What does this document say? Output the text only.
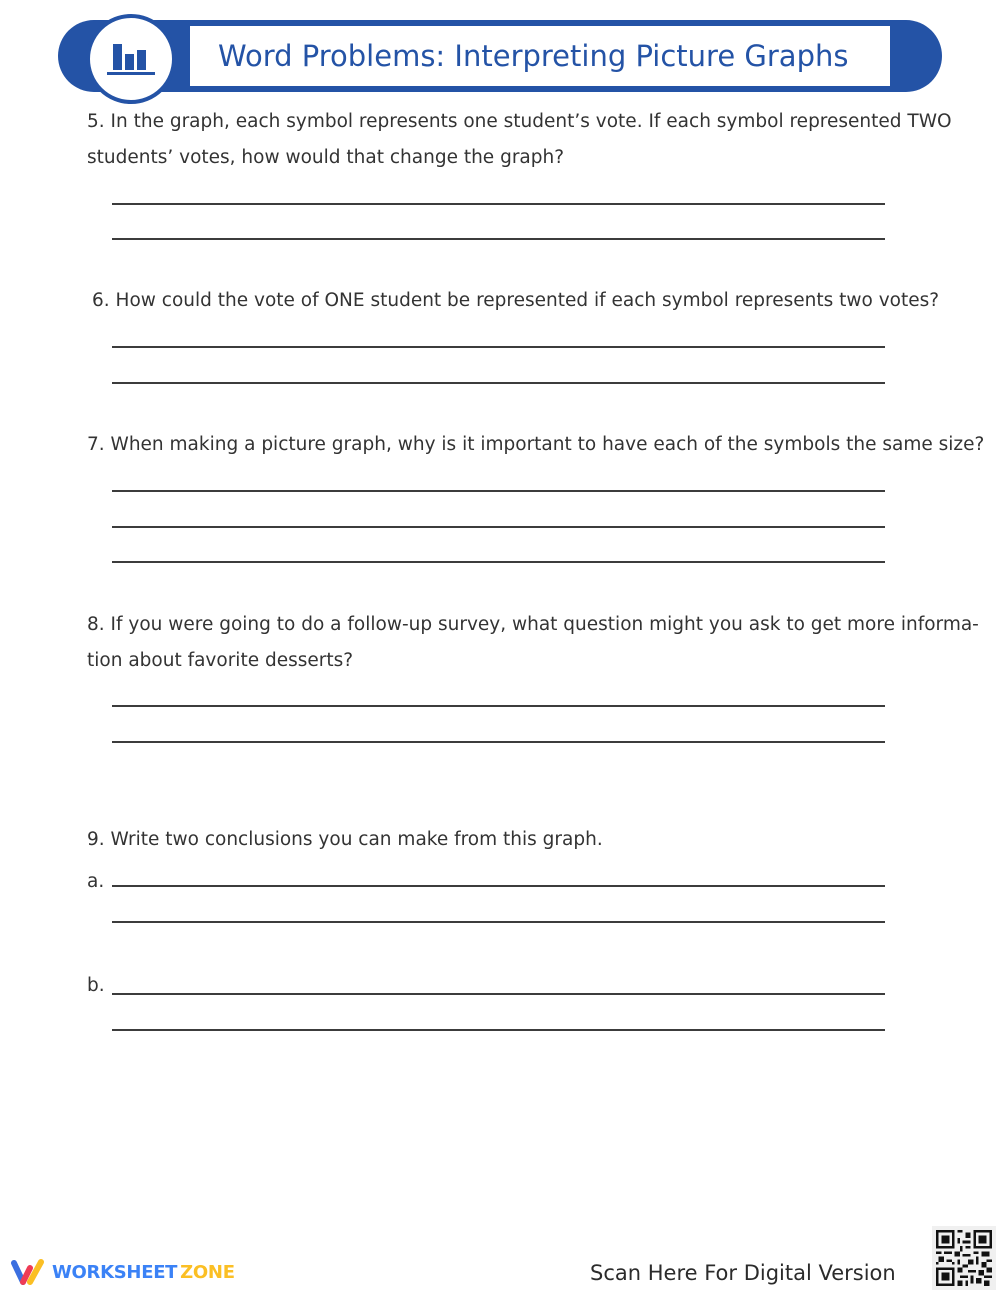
Word Problems: Interpreting Picture Graphs
5. In the graph, each symbol represents one student’s vote. If each symbol represented TWO
students’ votes, how would that change the graph?
6. How could the vote of ONE student be represented if each symbol represents two votes?
7. When making a picture graph, why is it important to have each of the symbols the same size?
8. If you were going to do a follow-up survey, what question might you ask to get more informa-
tion about favorite desserts?
9. Write two conclusions you can make from this graph.
a.
b.
WORKSHEET ZONE	Scan Here For Digital Version
